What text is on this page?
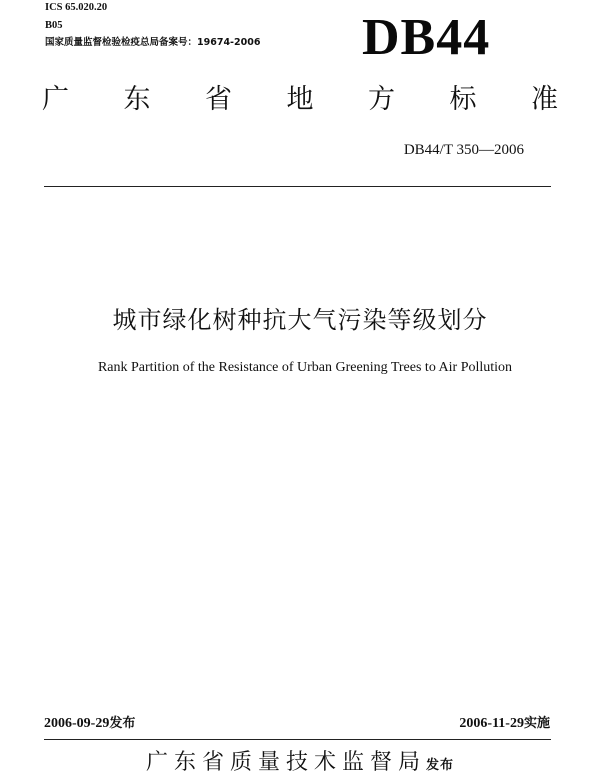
ICS 65.020.20
B05
国家质量监督检验检疫总局备案号：19674-2006 DB44
广 东 省 地 方 标 准
DB44/T 350—2006
城市绿化树种抗大气污染等级划分
Rank Partition of the Resistance of Urban Greening Trees to Air Pollution
2006-09-29发布	2006-11-29实施
广东省质量技术监督局发布
